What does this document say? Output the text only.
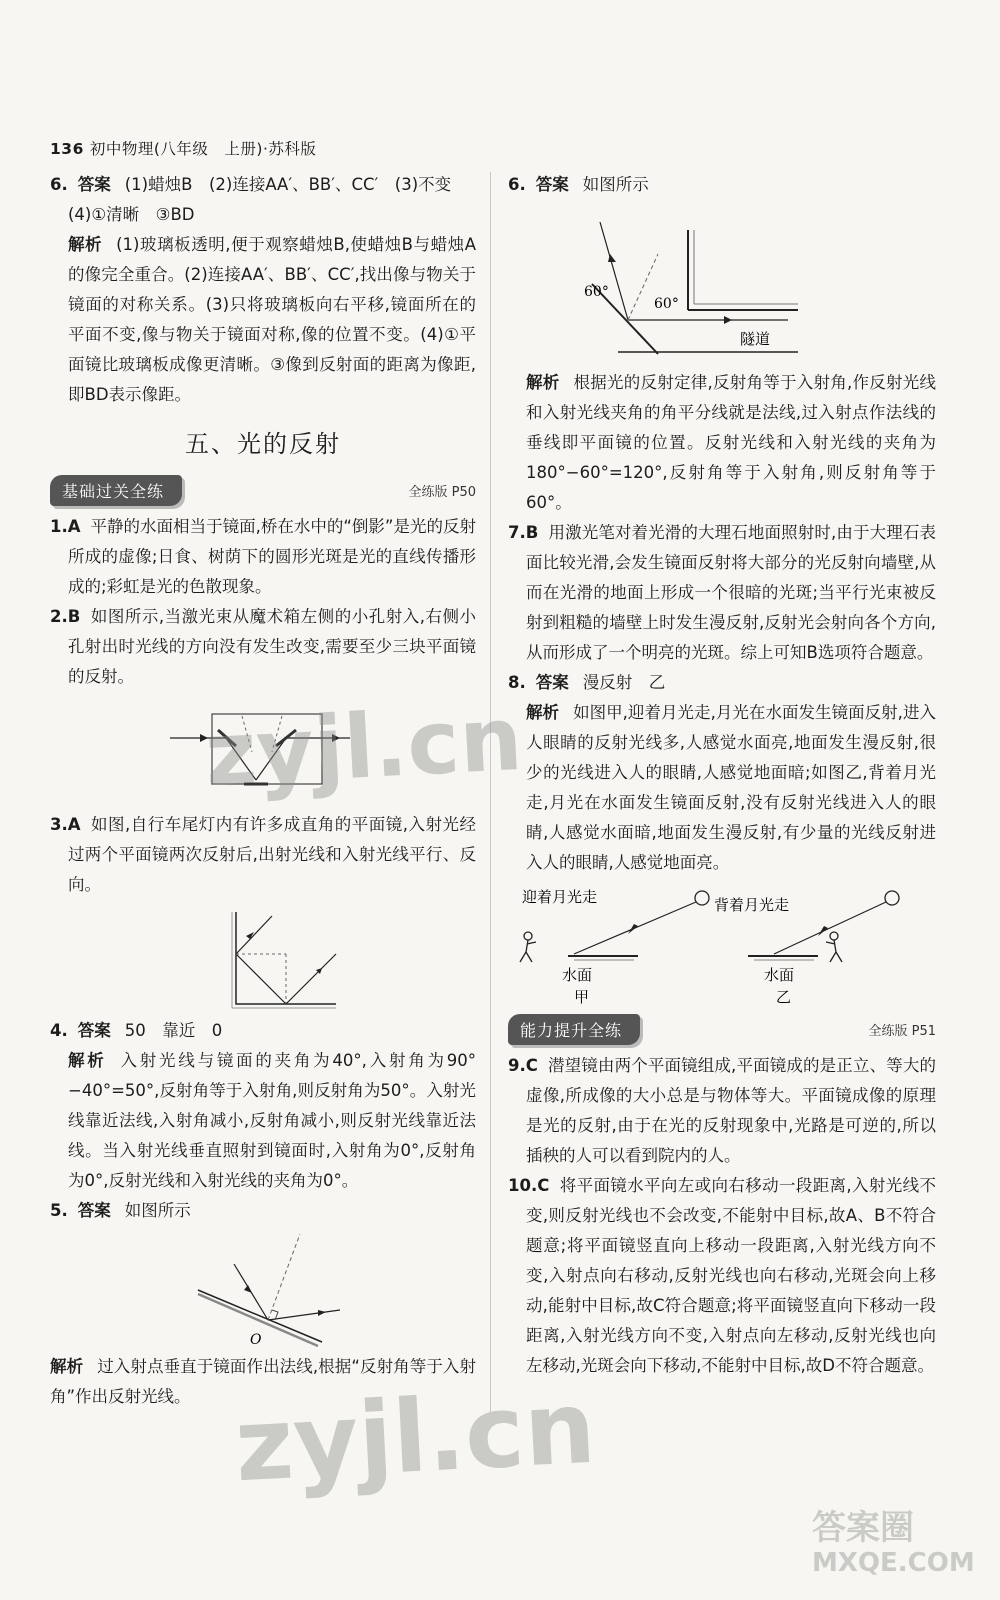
136 初中物理(八年级　上册)·苏科版

6. 答案 (1)蜡烛B　(2)连接AA′、BB′、CC′　(3)不变

(4)①清晰　③BD

解析 (1)玻璃板透明,便于观察蜡烛B,使蜡烛B与蜡烛A的像完全重合。(2)连接AA′、BB′、CC′,找出像与物关于镜面的对称关系。(3)只将玻璃板向右平移,镜面所在的平面不变,像与物关于镜面对称,像的位置不变。(4)①平面镜比玻璃板成像更清晰。③像到反射面的距离为像距,即BD表示像距。

五、光的反射
基础过关全练	全练版 P50

1.A 平静的水面相当于镜面,桥在水中的“倒影”是光的反射所成的虚像;日食、树荫下的圆形光斑是光的直线传播形成的;彩虹是光的色散现象。

2.B 如图所示,当激光束从魔术箱左侧的小孔射入,右侧小孔射出时光线的方向没有发生改变,需要至少三块平面镜的反射。

3.A 如图,自行车尾灯内有许多成直角的平面镜,入射光经过两个平面镜两次反射后,出射光线和入射光线平行、反向。

4. 答案 50　靠近　0

解析 入射光线与镜面的夹角为40°,入射角为90°−40°=50°,反射角等于入射角,则反射角为50°。入射光线靠近法线,入射角减小,反射角减小,则反射光线靠近法线。当入射光线垂直照射到镜面时,入射角为0°,反射角为0°,反射光线和入射光线的夹角为0°。

5. 答案 如图所示

O

解析 过入射点垂直于镜面作出法线,根据“反射角等于入射角”作出反射光线。

6. 答案 如图所示

60°
60°
隧道

解析 根据光的反射定律,反射角等于入射角,作反射光线和入射光线夹角的角平分线就是法线,过入射点作法线的垂线即平面镜的位置。反射光线和入射光线的夹角为180°−60°=120°,反射角等于入射角,则反射角等于60°。

7.B 用激光笔对着光滑的大理石地面照射时,由于大理石表面比较光滑,会发生镜面反射将大部分的光反射向墙壁,从而在光滑的地面上形成一个很暗的光斑;当平行光束被反射到粗糙的墙壁上时发生漫反射,反射光会射向各个方向,从而形成了一个明亮的光斑。综上可知B选项符合题意。

8. 答案 漫反射　乙

解析 如图甲,迎着月光走,月光在水面发生镜面反射,进入人眼睛的反射光线多,人感觉水面亮,地面发生漫反射,很少的光线进入人的眼睛,人感觉地面暗;如图乙,背着月光走,月光在水面发生镜面反射,没有反射光线进入人的眼睛,人感觉水面暗,地面发生漫反射,有少量的光线反射进入人的眼睛,人感觉地面亮。

迎着月光走
水面
甲
背着月光走
水面
乙
能力提升全练	全练版 P51

9.C 潜望镜由两个平面镜组成,平面镜成的是正立、等大的虚像,所成像的大小总是与物体等大。平面镜成像的原理是光的反射,由于在光的反射现象中,光路是可逆的,所以插秧的人可以看到院内的人。

10.C 将平面镜水平向左或向右移动一段距离,入射光线不变,则反射光线也不会改变,不能射中目标,故A、B不符合题意;将平面镜竖直向上移动一段距离,入射光线方向不变,入射点向右移动,反射光线也向右移动,光斑会向上移动,能射中目标,故C符合题意;将平面镜竖直向下移动一段距离,入射光线方向不变,入射点向左移动,反射光线也向左移动,光斑会向下移动,不能射中目标,故D不符合题意。

zyjl.cn
zyjl.cn
答案圈
MXQE.COM
